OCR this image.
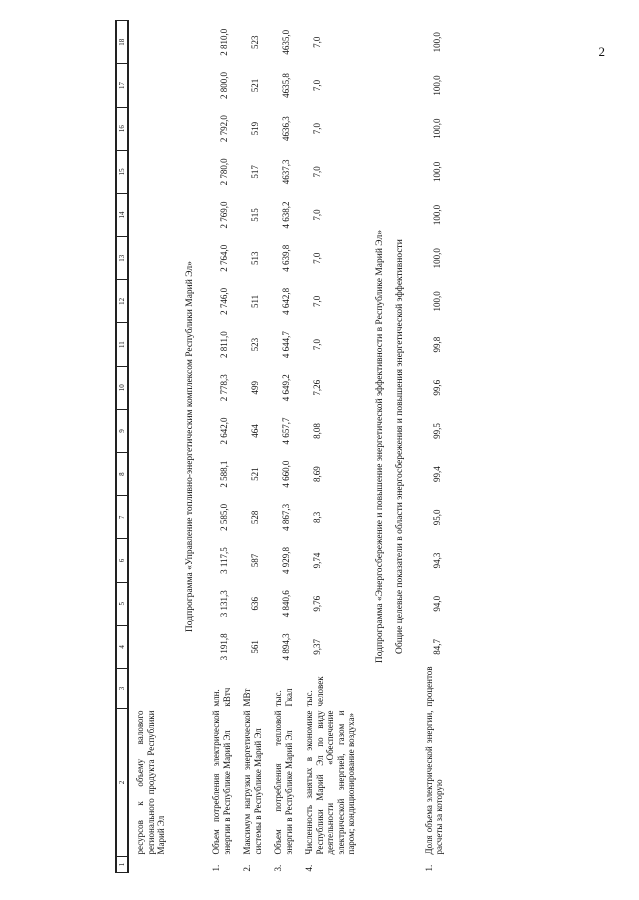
2
1	2	3	4	5	6	7	8	9	10	11	12	13	14	15	16	17	18
	ресурсов к объему валового регионального продукта Республики Марий Эл																
Подпрограмма «Управление топливно-энергетическим комплексом Республики Марий Эл»																	
1.	Объем потребления электрической энергии в Республике Марий Эл	млн. кВтч	3 191,8	3 131,3	3 117,5	2 585,0	2 588,1	2 642,0	2 778,3	2 811,0	2 746,0	2 764,0	2 769,0	2 780,0	2 792,0	2 800,0	2 810,0
2.	Максимум нагрузки энергетической системы в Республике Марий Эл	МВт	561	636	587	528	521	464	499	523	511	513	515	517	519	521	523
3.	Объем потребления тепловой энергии в Республике Марий Эл	тыс. Гкал	4 894,3	4 840,6	4 929,8	4 867,3	4 660,0	4 657,7	4 649,2	4 644,7	4 642,8	4 639,8	4 638,2	4637,3	4636,3	4635,8	4635,0
4.	Численность занятых в экономике Республики Марий Эл по виду деятельности «Обеспечение электрической энергией, газом и паром; кондиционирование воздуха»	тыс. человек	9,37	9,76	9,74	8,3	8,69	8,08	7,26	7,0	7,0	7,0	7,0	7,0	7,0	7,0	7,0
Подпрограмма «Энергосбережение и повышение энергетической эффективности в Республике Марий Эл»																	
Общие целевые показатели в области энергосбережения и повышения энергетической эффективности																	
1.	Доля объема электрической энергии, расчеты за которую	процентов	84,7	94,0	94,3	95,0	99,4	99,5	99,6	99,8	100,0	100,0	100,0	100,0	100,0	100,0	100,0
